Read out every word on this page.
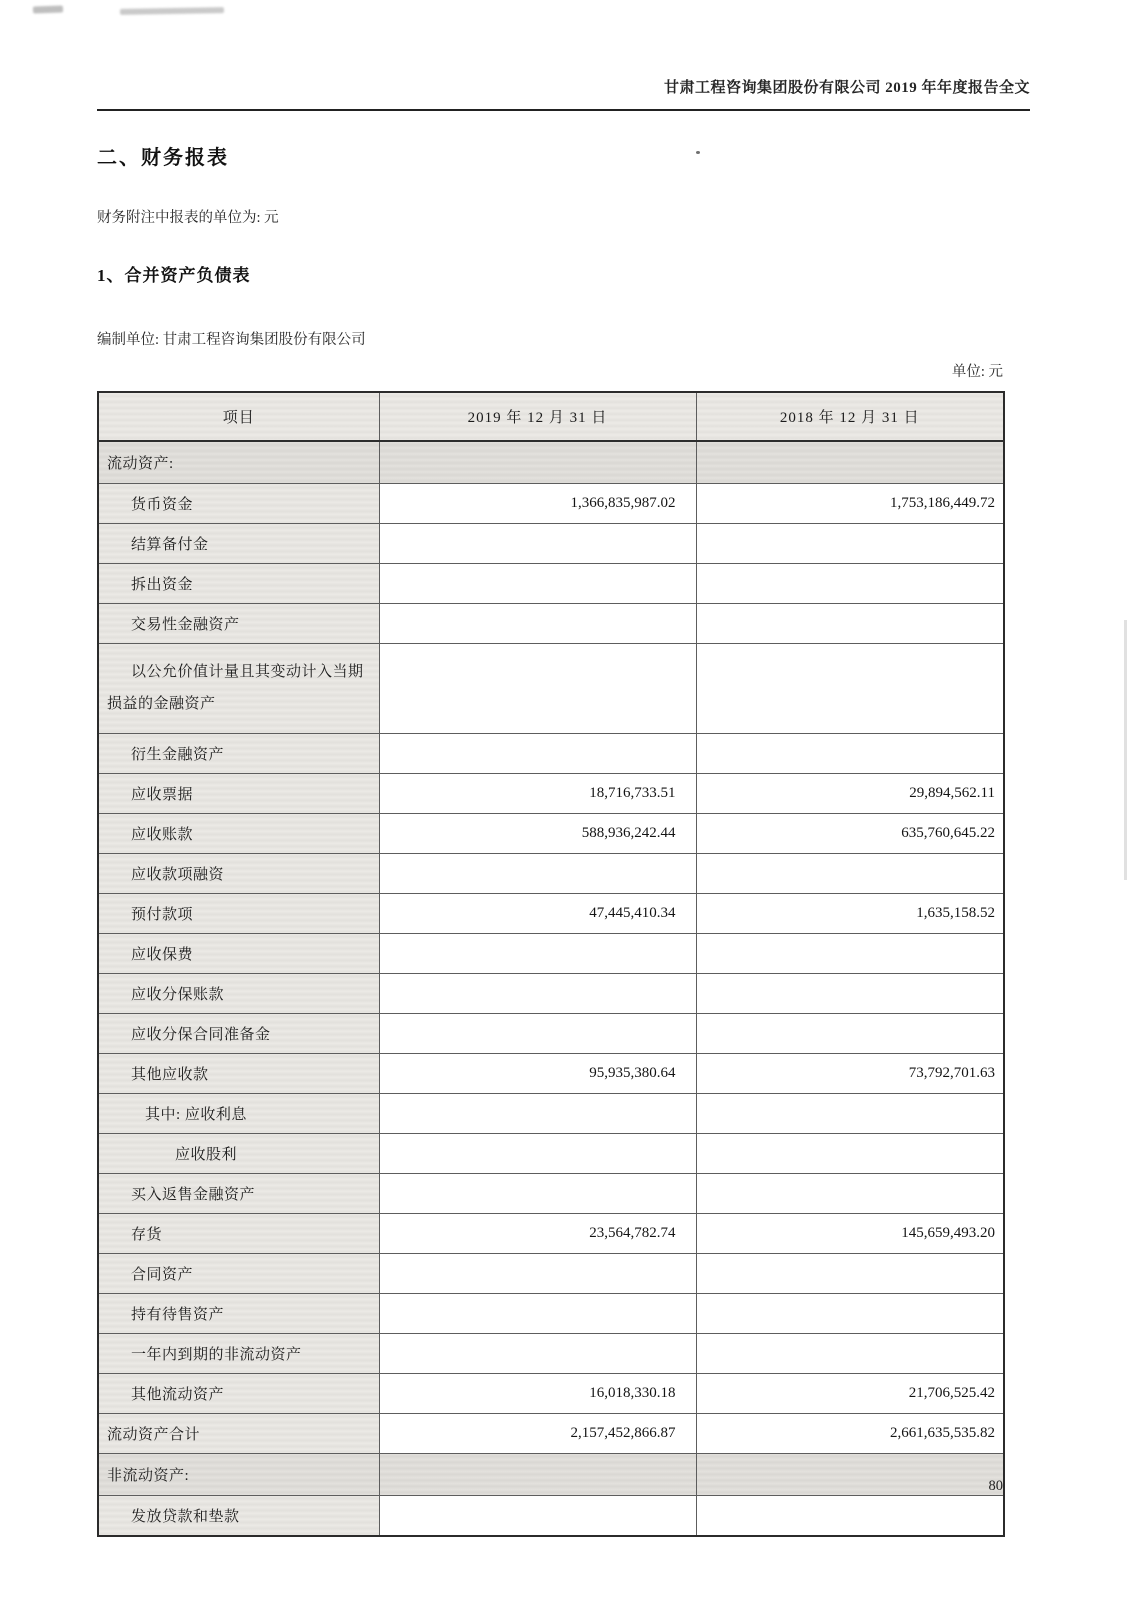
甘肃工程咨询集团股份有限公司 2019 年年度报告全文
二、财务报表
财务附注中报表的单位为: 元
1、合并资产负债表
编制单位: 甘肃工程咨询集团股份有限公司
单位: 元
项目	2019 年 12 月 31 日	2018 年 12 月 31 日
流动资产:		
货币资金	1,366,835,987.02	1,753,186,449.72
结算备付金		
拆出资金		
交易性金融资产		
以公允价值计量且其变动计入当期损益的金融资产		
衍生金融资产		
应收票据	18,716,733.51	29,894,562.11
应收账款	588,936,242.44	635,760,645.22
应收款项融资		
预付款项	47,445,410.34	1,635,158.52
应收保费		
应收分保账款		
应收分保合同准备金		
其他应收款	95,935,380.64	73,792,701.63
其中: 应收利息		
应收股利		
买入返售金融资产		
存货	23,564,782.74	145,659,493.20
合同资产		
持有待售资产		
一年内到期的非流动资产		
其他流动资产	16,018,330.18	21,706,525.42
流动资产合计	2,157,452,866.87	2,661,635,535.82
非流动资产:		
发放贷款和垫款		
80
